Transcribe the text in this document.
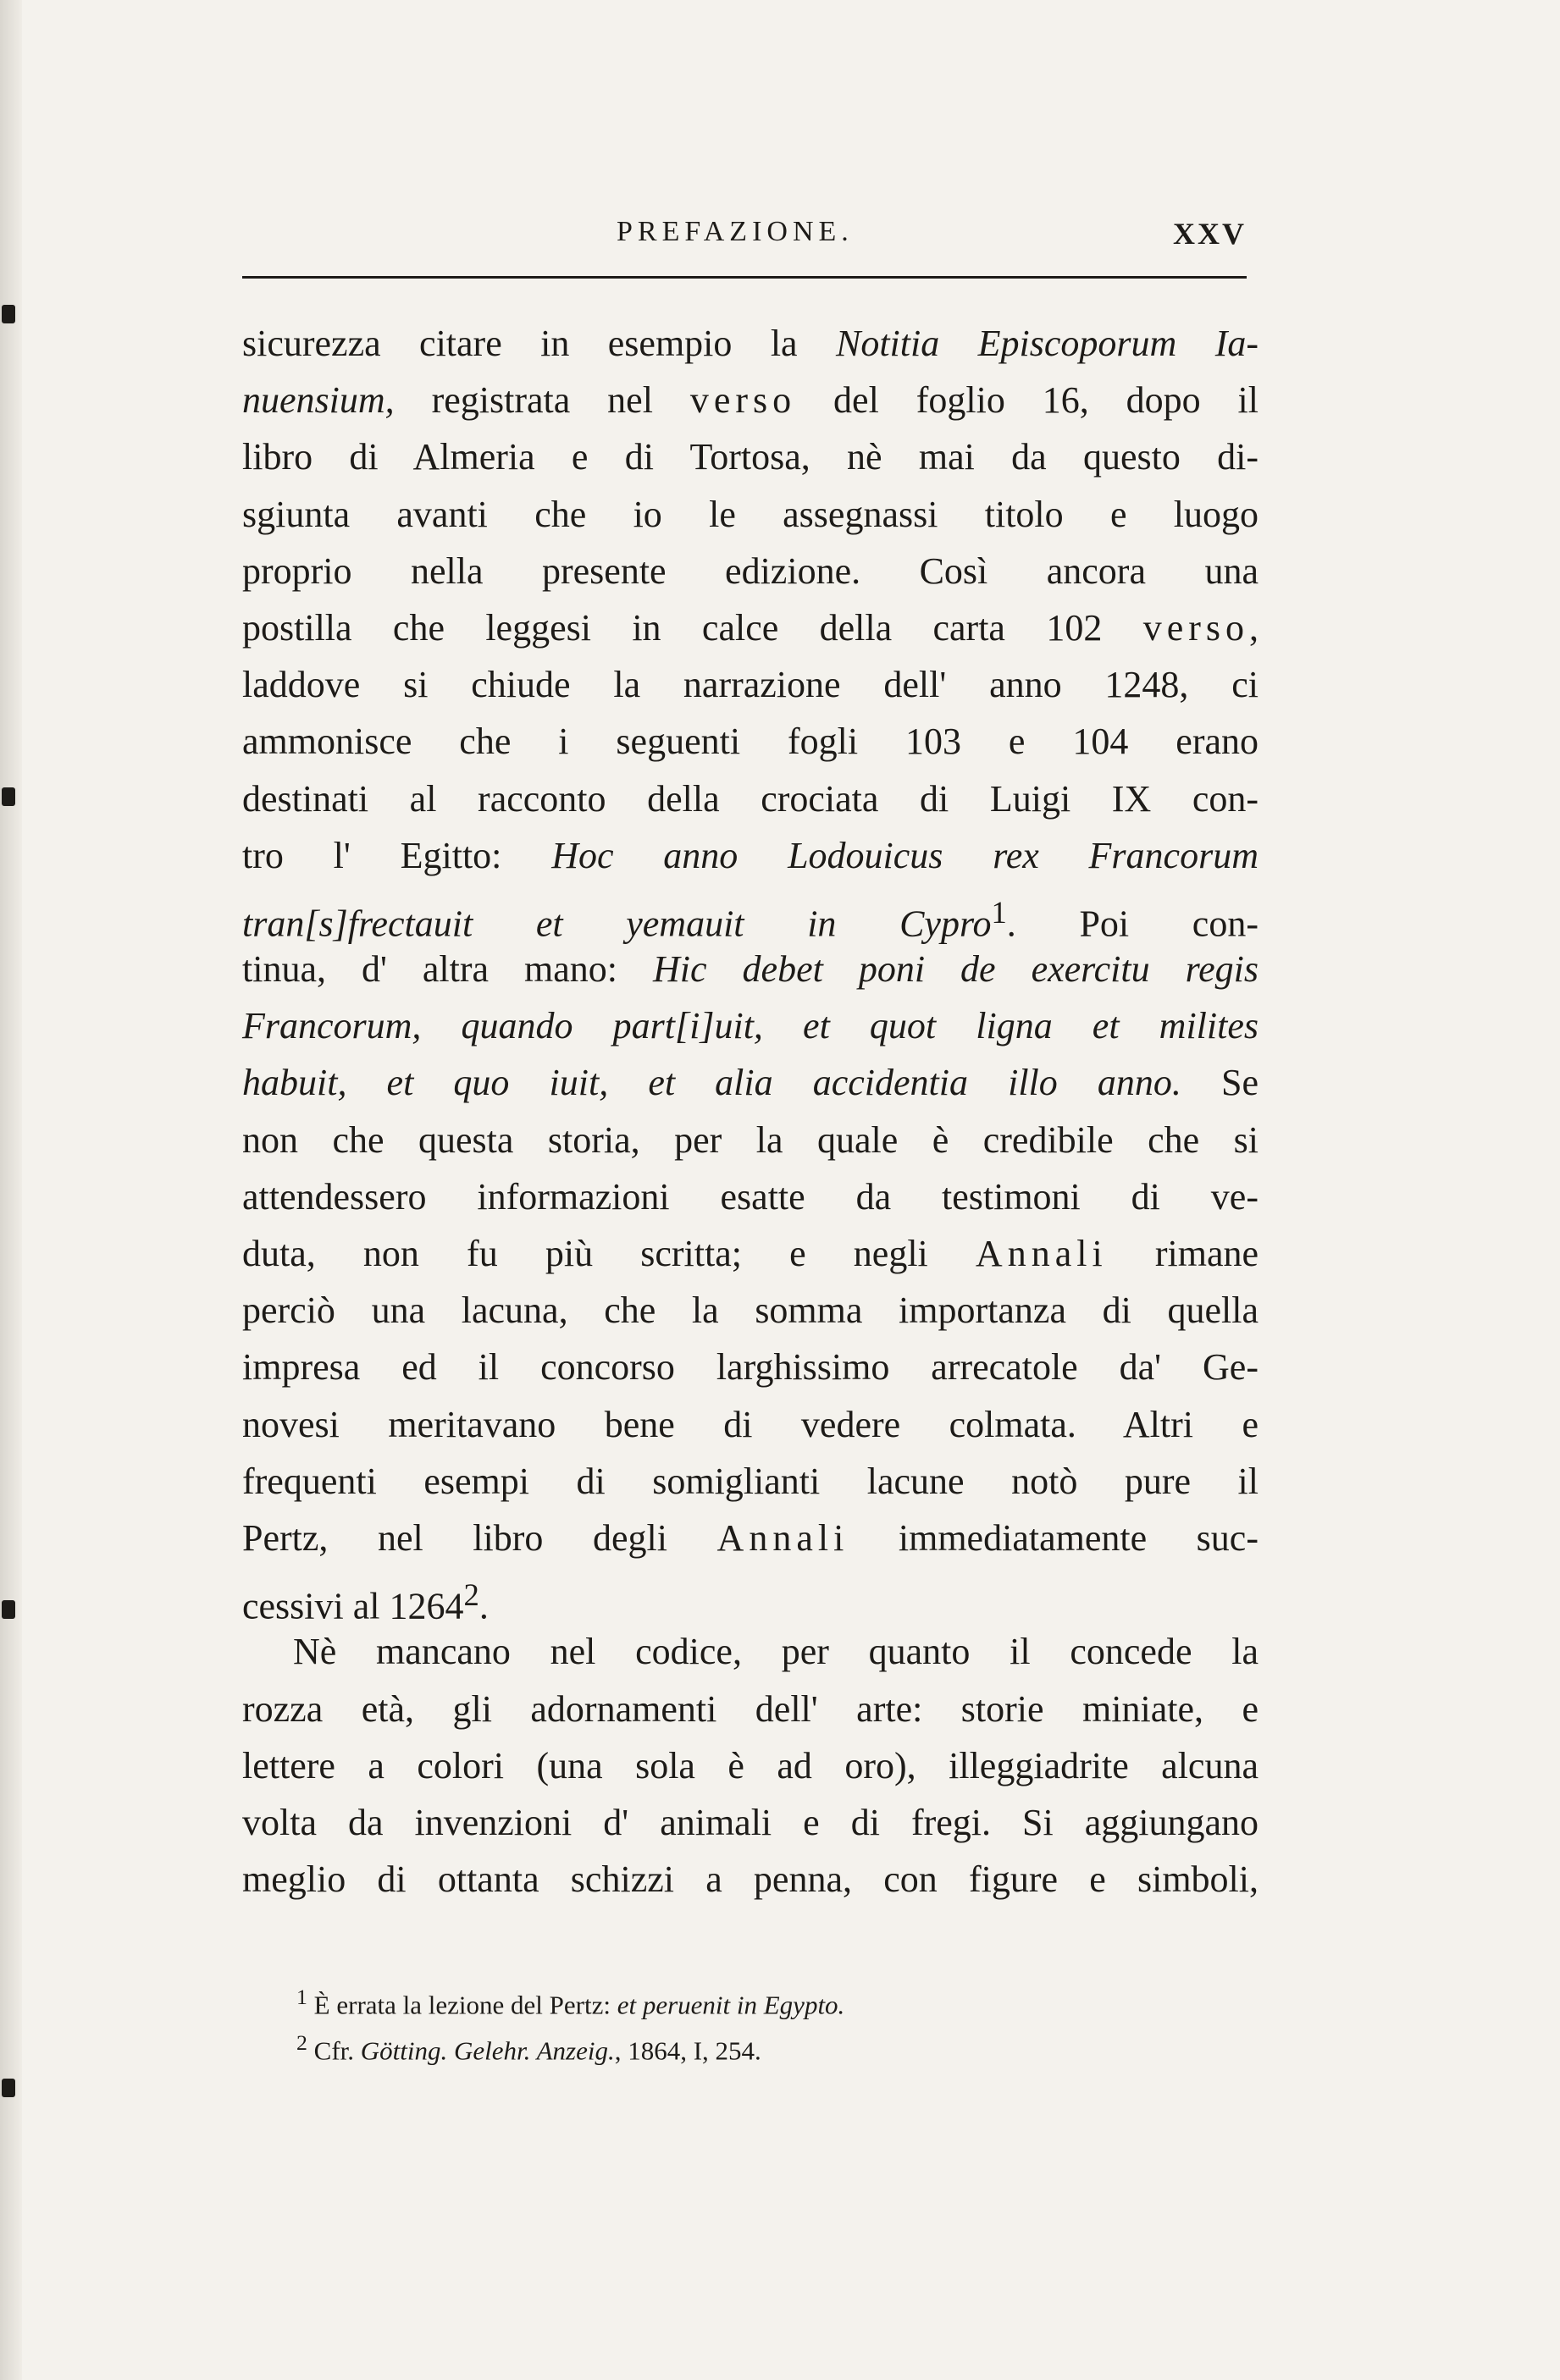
PREFAZIONE.	XXV
sicurezza citare in esempio la Notitia Episcoporum Ia-
nuensium, registrata nel verso del foglio 16, dopo il
libro di Almeria e di Tortosa, nè mai da questo di-
sgiunta avanti che io le assegnassi titolo e luogo
proprio nella presente edizione. Così ancora una
postilla che leggesi in calce della carta 102 verso,
laddove si chiude la narrazione dell' anno 1248, ci
ammonisce che i seguenti fogli 103 e 104 erano
destinati al racconto della crociata di Luigi IX con-
tro l' Egitto: Hoc anno Lodouicus rex Francorum
tran[s]frectauit et yemauit in Cypro$^1$. Poi con-
tinua, d' altra mano: Hic debet poni de exercitu regis
Francorum, quando part[i]uit, et quot ligna et milites
habuit, et quo iuit, et alia accidentia illo anno. Se
non che questa storia, per la quale è credibile che si
attendessero informazioni esatte da testimoni di ve-
duta, non fu più scritta; e negli Annali rimane
perciò una lacuna, che la somma importanza di quella
impresa ed il concorso larghissimo arrecatole da' Ge-
novesi meritavano bene di vedere colmata. Altri e
frequenti esempi di somiglianti lacune notò pure il
Pertz, nel libro degli Annali immediatamente suc-
cessivi al 1264$^2$.
Nè mancano nel codice, per quanto il concede la
rozza età, gli adornamenti dell' arte: storie miniate, e
lettere a colori (una sola è ad oro), illeggiadrite alcuna
volta da invenzioni d' animali e di fregi. Si aggiungano
meglio di ottanta schizzi a penna, con figure e simboli,
$^1$ È errata la lezione del Pertz: et peruenit in Egypto.
$^2$ Cfr. Götting. Gelehr. Anzeig., 1864, I, 254.
